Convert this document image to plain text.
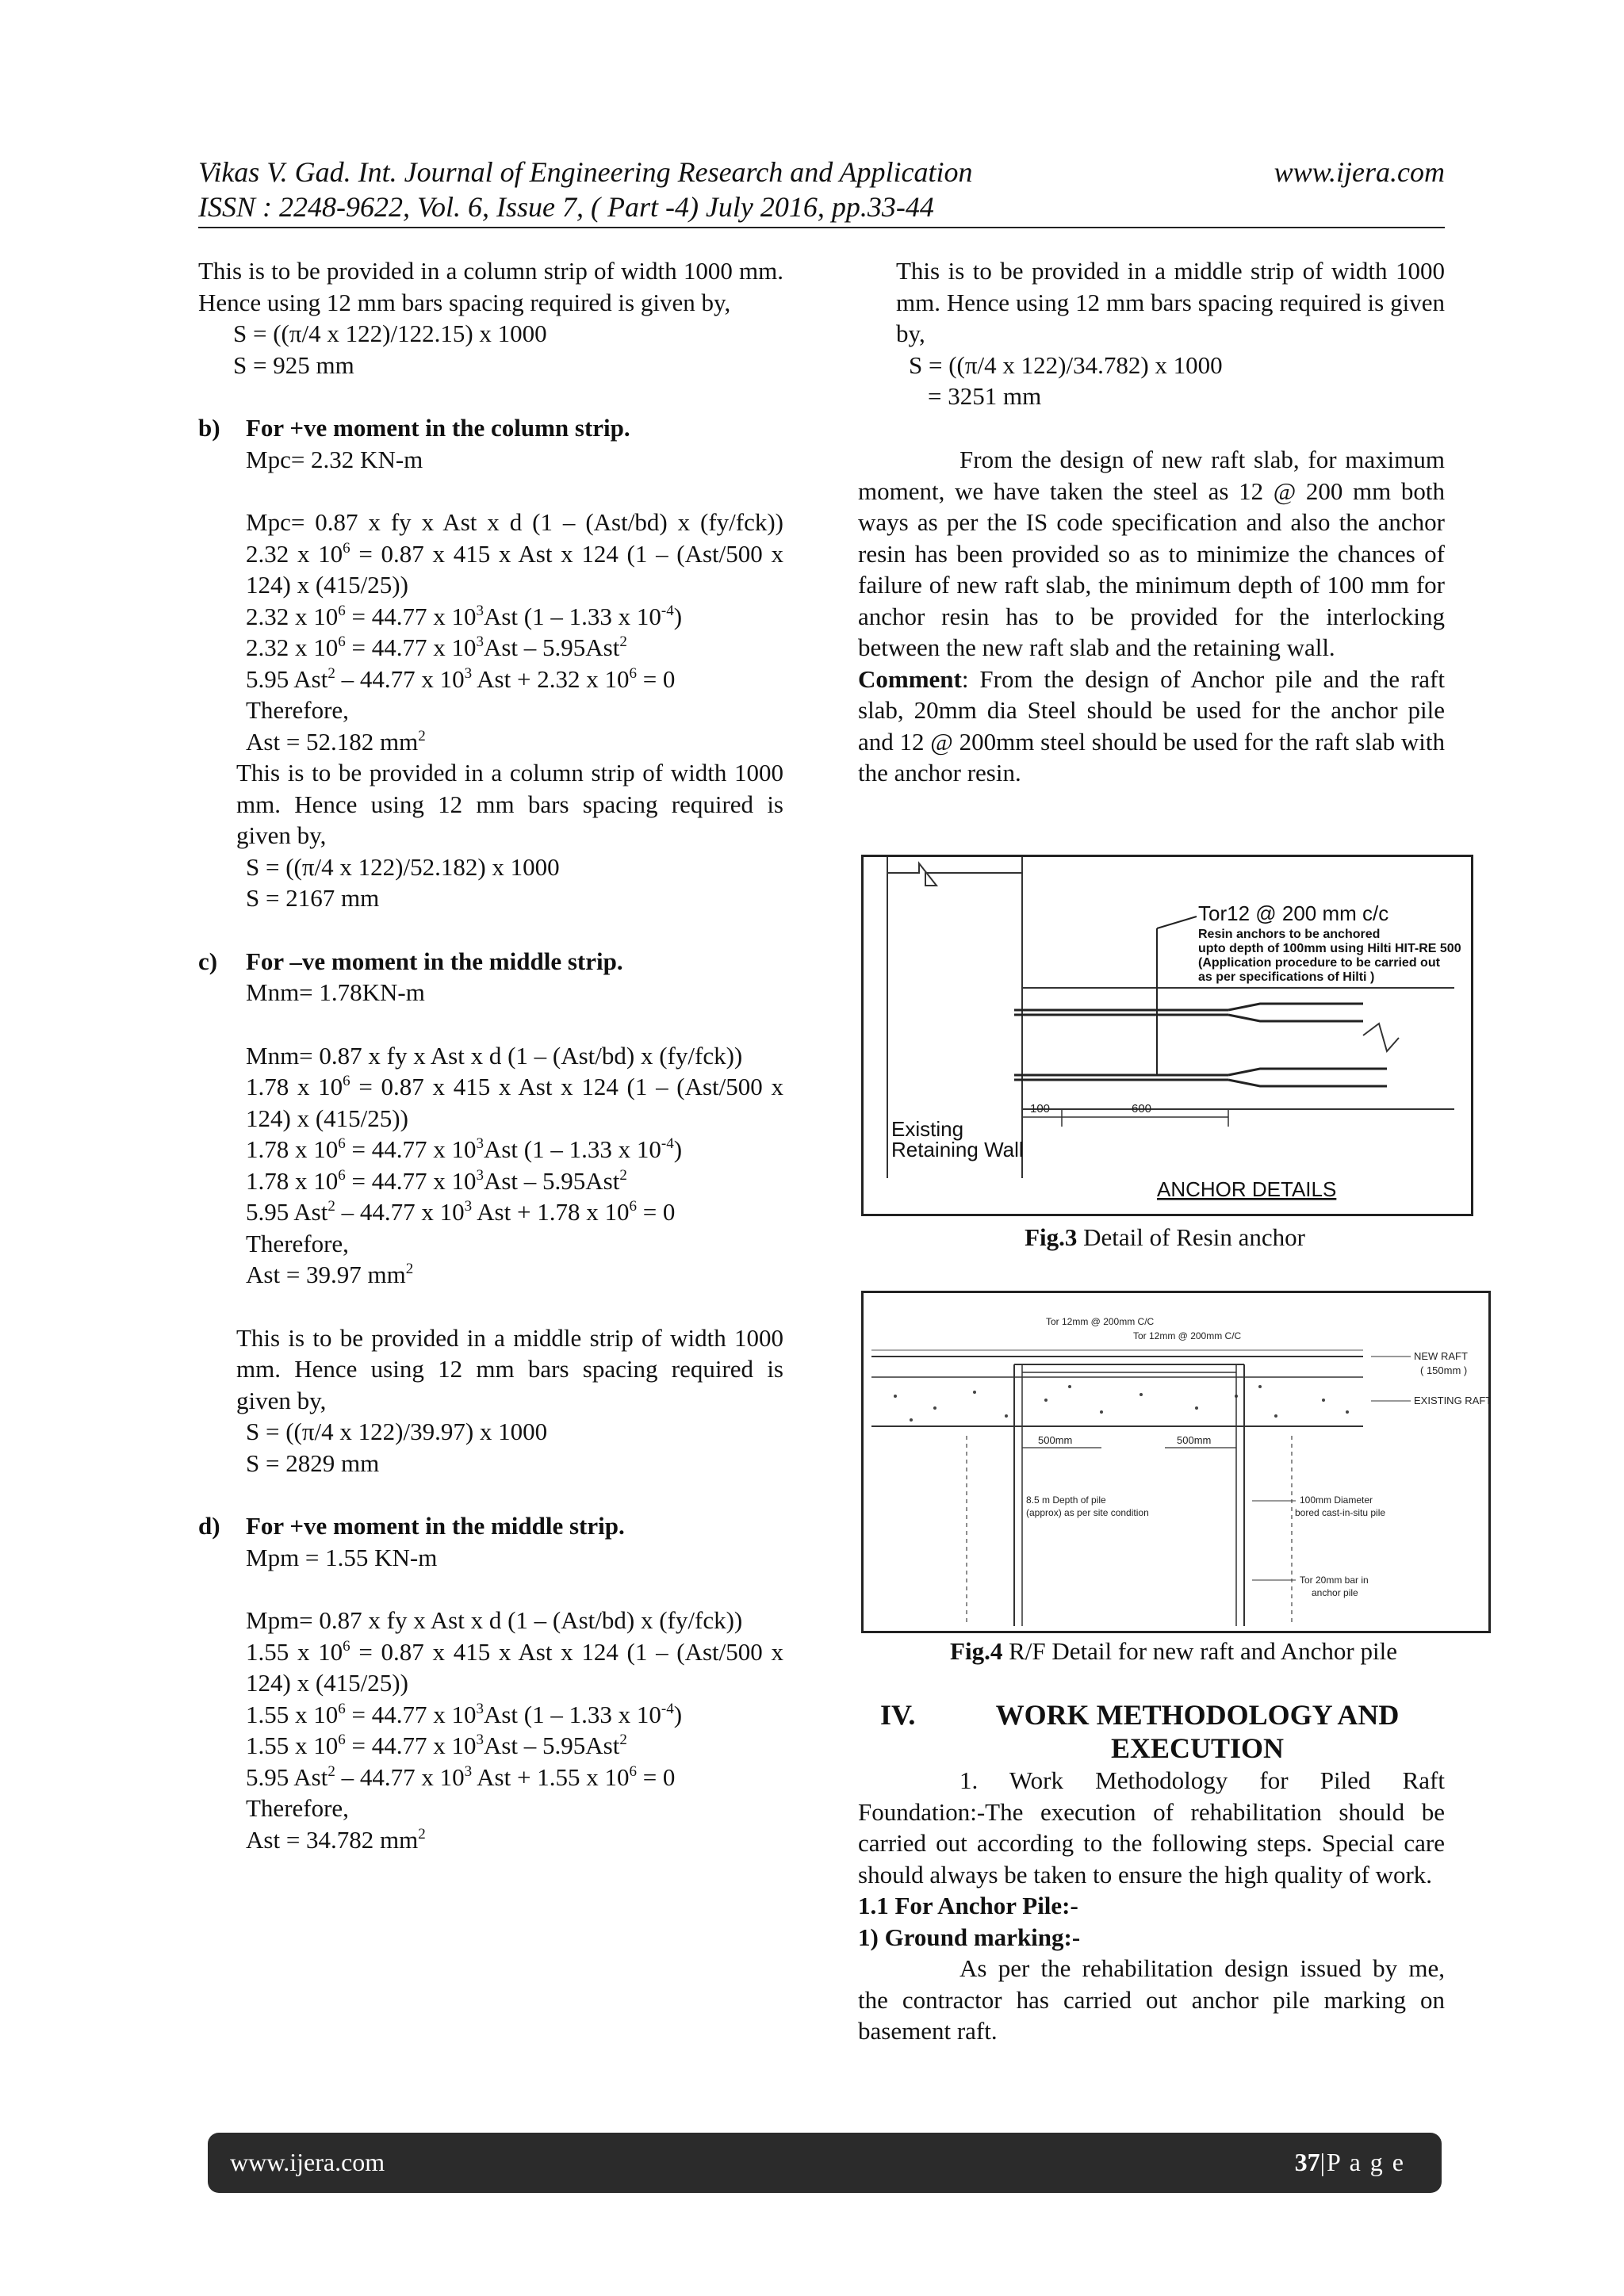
Vikas V. Gad. Int. Journal of Engineering Research and Application	www.ijera.com
ISSN : 2248-9622, Vol. 6, Issue 7, ( Part -4) July 2016, pp.33-44

This is to be provided in a column strip of width 1000 mm. Hence using 12 mm bars spacing required is given by,

S = ((π/4 x 122)/122.15) x 1000
S = 925 mm
b)	For +ve moment in the column strip.
Mpc= 2.32 KN-m

Mpc= 0.87 x fy x Ast x d (1 – (Ast/bd) x (fy/fck))

2.32 x $10^6 = 0.87$ x 415 x Ast x 124 (1 – (Ast/500 x 124) x (415/25))

2.32 x $10^6 = 44.77$ x $10^3Ast$ (1 – 1.33 x $10^{-4}$)
2.32 x $10^6 = 44.77$ x $10^3Ast - 5.95Ast^2$
5.95 Ast$^2$ – 44.77 x $10^3$ Ast + 2.32 x $10^6 = 0$
Therefore,
Ast = 52.182 $mm^2$

This is to be provided in a column strip of width 1000 mm. Hence using 12 mm bars spacing required is given by,

S = ((π/4 x 122)/52.182) x 1000
S = 2167 mm
c)	For –ve moment in the middle strip.
Mnm= 1.78KN-m

Mnm= 0.87 x fy x Ast x d (1 – (Ast/bd) x (fy/fck))

1.78 x $10^6 = 0.87$ x 415 x Ast x 124 (1 – (Ast/500 x 124) x (415/25))

1.78 x $10^6 = 44.77$ x $10^3Ast$ (1 – 1.33 x $10^{-4}$)
1.78 x $10^6 = 44.77$ x $10^3Ast - 5.95Ast^2$
5.95 Ast$^2$ – 44.77 x $10^3$ Ast + 1.78 x $10^6 = 0$
Therefore,
Ast = 39.97 $mm^2$

This is to be provided in a middle strip of width 1000 mm. Hence using 12 mm bars spacing required is given by,

S = ((π/4 x 122)/39.97) x 1000
S = 2829 mm
d)	For +ve moment in the middle strip.
Mpm = 1.55 KN-m

Mpm= 0.87 x fy x Ast x d (1 – (Ast/bd) x (fy/fck))

1.55 x $10^6 = 0.87$ x 415 x Ast x 124 (1 – (Ast/500 x 124) x (415/25))

1.55 x $10^6 = 44.77$ x $10^3Ast$ (1 – 1.33 x $10^{-4}$)
1.55 x $10^6 = 44.77$ x $10^3Ast - 5.95Ast^2$
5.95 Ast$^2$ – 44.77 x $10^3$ Ast + 1.55 x $10^6 = 0$
Therefore,
Ast = 34.782 $mm^2$

This is to be provided in a middle strip of width 1000 mm. Hence using 12 mm bars spacing required is given by,

S = ((π/4 x 122)/34.782) x 1000
= 3251 mm

From the design of new raft slab, for maximum moment, we have taken the steel as 12 @ 200 mm both ways as per the IS code specification and also the anchor resin has been provided so as to minimize the chances of failure of new raft slab, the minimum depth of 100 mm for anchor resin has to be provided for the interlocking between the new raft slab and the retaining wall.

Comment: From the design of Anchor pile and the raft slab, 20mm dia Steel should be used for the anchor pile and 12 @ 200mm steel should be used for the raft slab with the anchor resin.

100	600
Tor12 @ 200 mm c/c
Resin anchors to be anchored
upto depth of 100mm using Hilti HIT-RE 500
(Application procedure to be carried out
as per specifications of Hilti )
Existing
Retaining Wall
ANCHOR DETAILS
Fig.3 Detail of Resin anchor
500mm	500mm
Tor 12mm @ 200mm C/C
Tor 12mm @ 200mm C/C
NEW RAFT
( 150mm )
EXISTING RAFT
8.5 m Depth of pile
(approx) as per site condition
100mm Diameter
bored cast-in-situ pile
Tor 20mm bar in
anchor pile
Fig.4 R/F Detail for new raft and Anchor pile
IV.	WORK METHODOLOGY AND
EXECUTION

1. Work Methodology for Piled Raft Foundation:-The execution of rehabilitation should be carried out according to the following steps. Special care should always be taken to ensure the high quality of work.

1.1 For Anchor Pile:-
1) Ground marking:-

As per the rehabilitation design issued by me, the contractor has carried out anchor pile marking on basement raft.

www.ijera.com	37|P a g e
